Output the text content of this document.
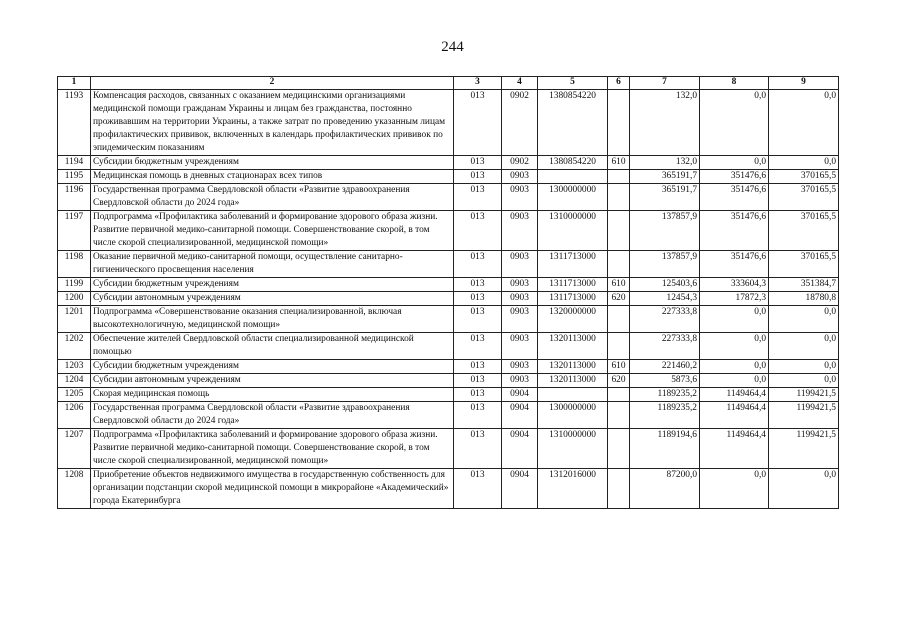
244
1	2	3	4	5	6	7	8	9
1193	Компенсация расходов, связанных с оказанием медицинскими организациями медицинской помощи гражданам Украины и лицам без гражданства, постоянно проживавшим на территории Украины, а также затрат по проведению указанным лицам профилактических прививок, включенных в календарь профилактических прививок по эпидемическим показаниям	013	0902	1380854220		132,0	0,0	0,0
1194	Субсидии бюджетным учреждениям	013	0902	1380854220	610	132,0	0,0	0,0
1195	Медицинская помощь в дневных стационарах всех типов	013	0903			365191,7	351476,6	370165,5
1196	Государственная программа Свердловской области «Развитие здравоохранения Свердловской области до 2024 года»	013	0903	1300000000		365191,7	351476,6	370165,5
1197	Подпрограмма «Профилактика заболеваний и формирование здорового образа жизни. Развитие первичной медико-санитарной помощи. Совершенствование скорой, в том числе скорой специализированной, медицинской помощи»	013	0903	1310000000		137857,9	351476,6	370165,5
1198	Оказание первичной медико-санитарной помощи, осуществление санитарно-гигиенического просвещения населения	013	0903	1311713000		137857,9	351476,6	370165,5
1199	Субсидии бюджетным учреждениям	013	0903	1311713000	610	125403,6	333604,3	351384,7
1200	Субсидии автономным учреждениям	013	0903	1311713000	620	12454,3	17872,3	18780,8
1201	Подпрограмма «Совершенствование оказания специализированной, включая высокотехнологичную, медицинской помощи»	013	0903	1320000000		227333,8	0,0	0,0
1202	Обеспечение жителей Свердловской области специализированной медицинской помощью	013	0903	1320113000		227333,8	0,0	0,0
1203	Субсидии бюджетным учреждениям	013	0903	1320113000	610	221460,2	0,0	0,0
1204	Субсидии автономным учреждениям	013	0903	1320113000	620	5873,6	0,0	0,0
1205	Скорая медицинская помощь	013	0904			1189235,2	1149464,4	1199421,5
1206	Государственная программа Свердловской области «Развитие здравоохранения Свердловской области до 2024 года»	013	0904	1300000000		1189235,2	1149464,4	1199421,5
1207	Подпрограмма «Профилактика заболеваний и формирование здорового образа жизни. Развитие первичной медико-санитарной помощи. Совершенствование скорой, в том числе скорой специализированной, медицинской помощи»	013	0904	1310000000		1189194,6	1149464,4	1199421,5
1208	Приобретение объектов недвижимого имущества в государственную собственность для организации подстанции скорой медицинской помощи в микрорайоне «Академический» города Екатеринбурга	013	0904	1312016000		87200,0	0,0	0,0
